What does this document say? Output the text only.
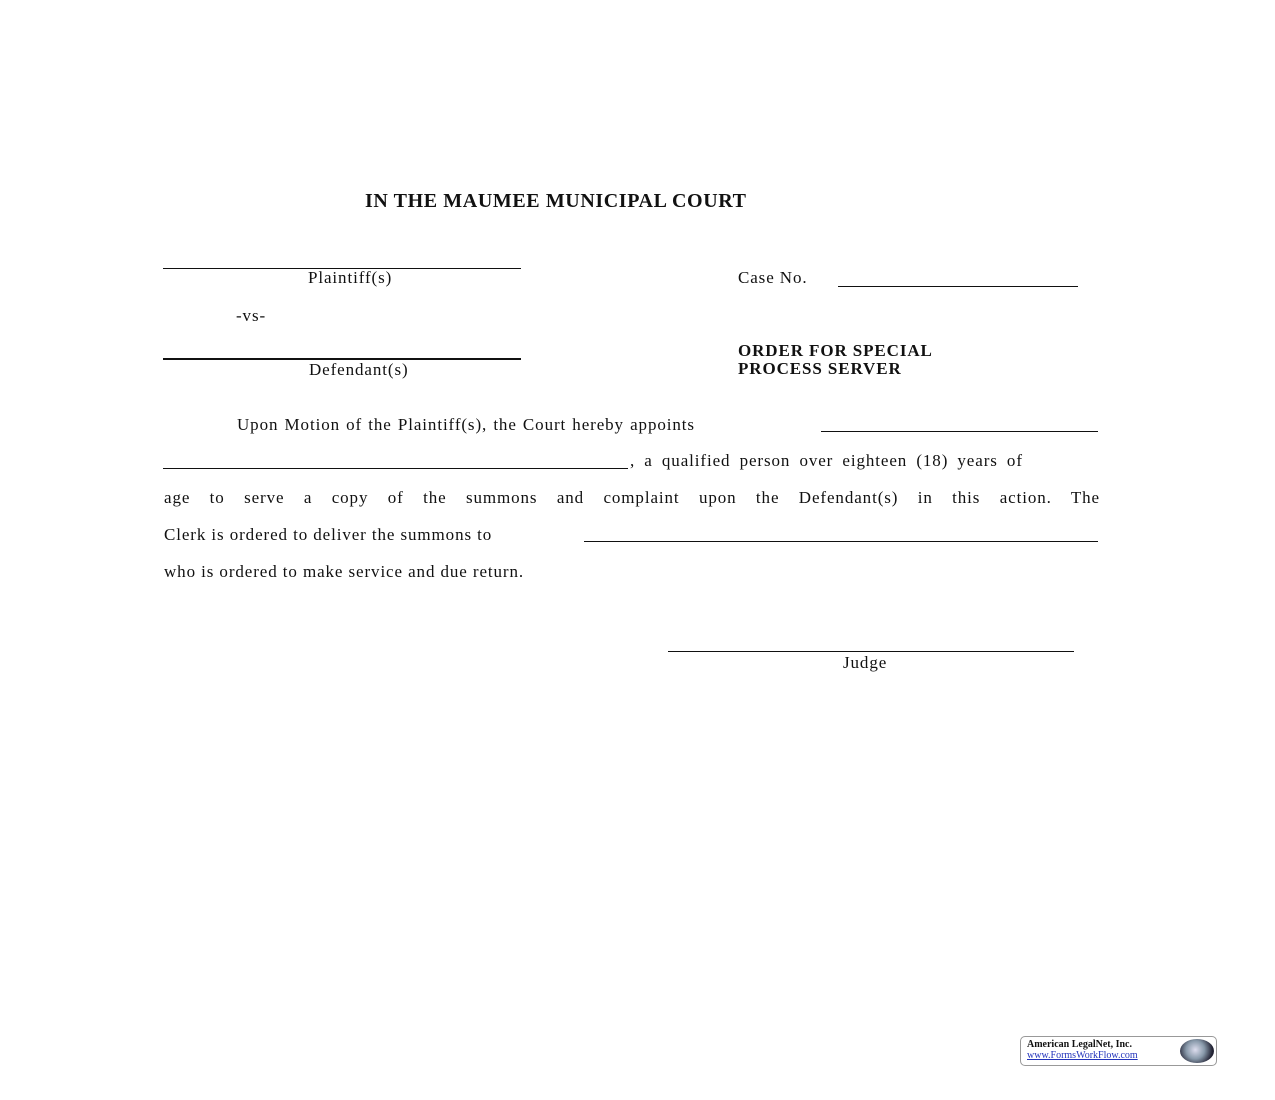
IN THE MAUMEE MUNICIPAL COURT
Plaintiff(s)
-vs-
Defendant(s)
Case No.
ORDER FOR SPECIAL
PROCESS SERVER
Upon Motion of the Plaintiff(s), the Court hereby appoints
, a qualified person over eighteen (18) years of
age to serve a copy of the summons and complaint upon the Defendant(s) in this action. The
Clerk is ordered to deliver the summons to
who is ordered to make service and due return.
Judge
American LegalNet, Inc.
www.FormsWorkFlow.com
